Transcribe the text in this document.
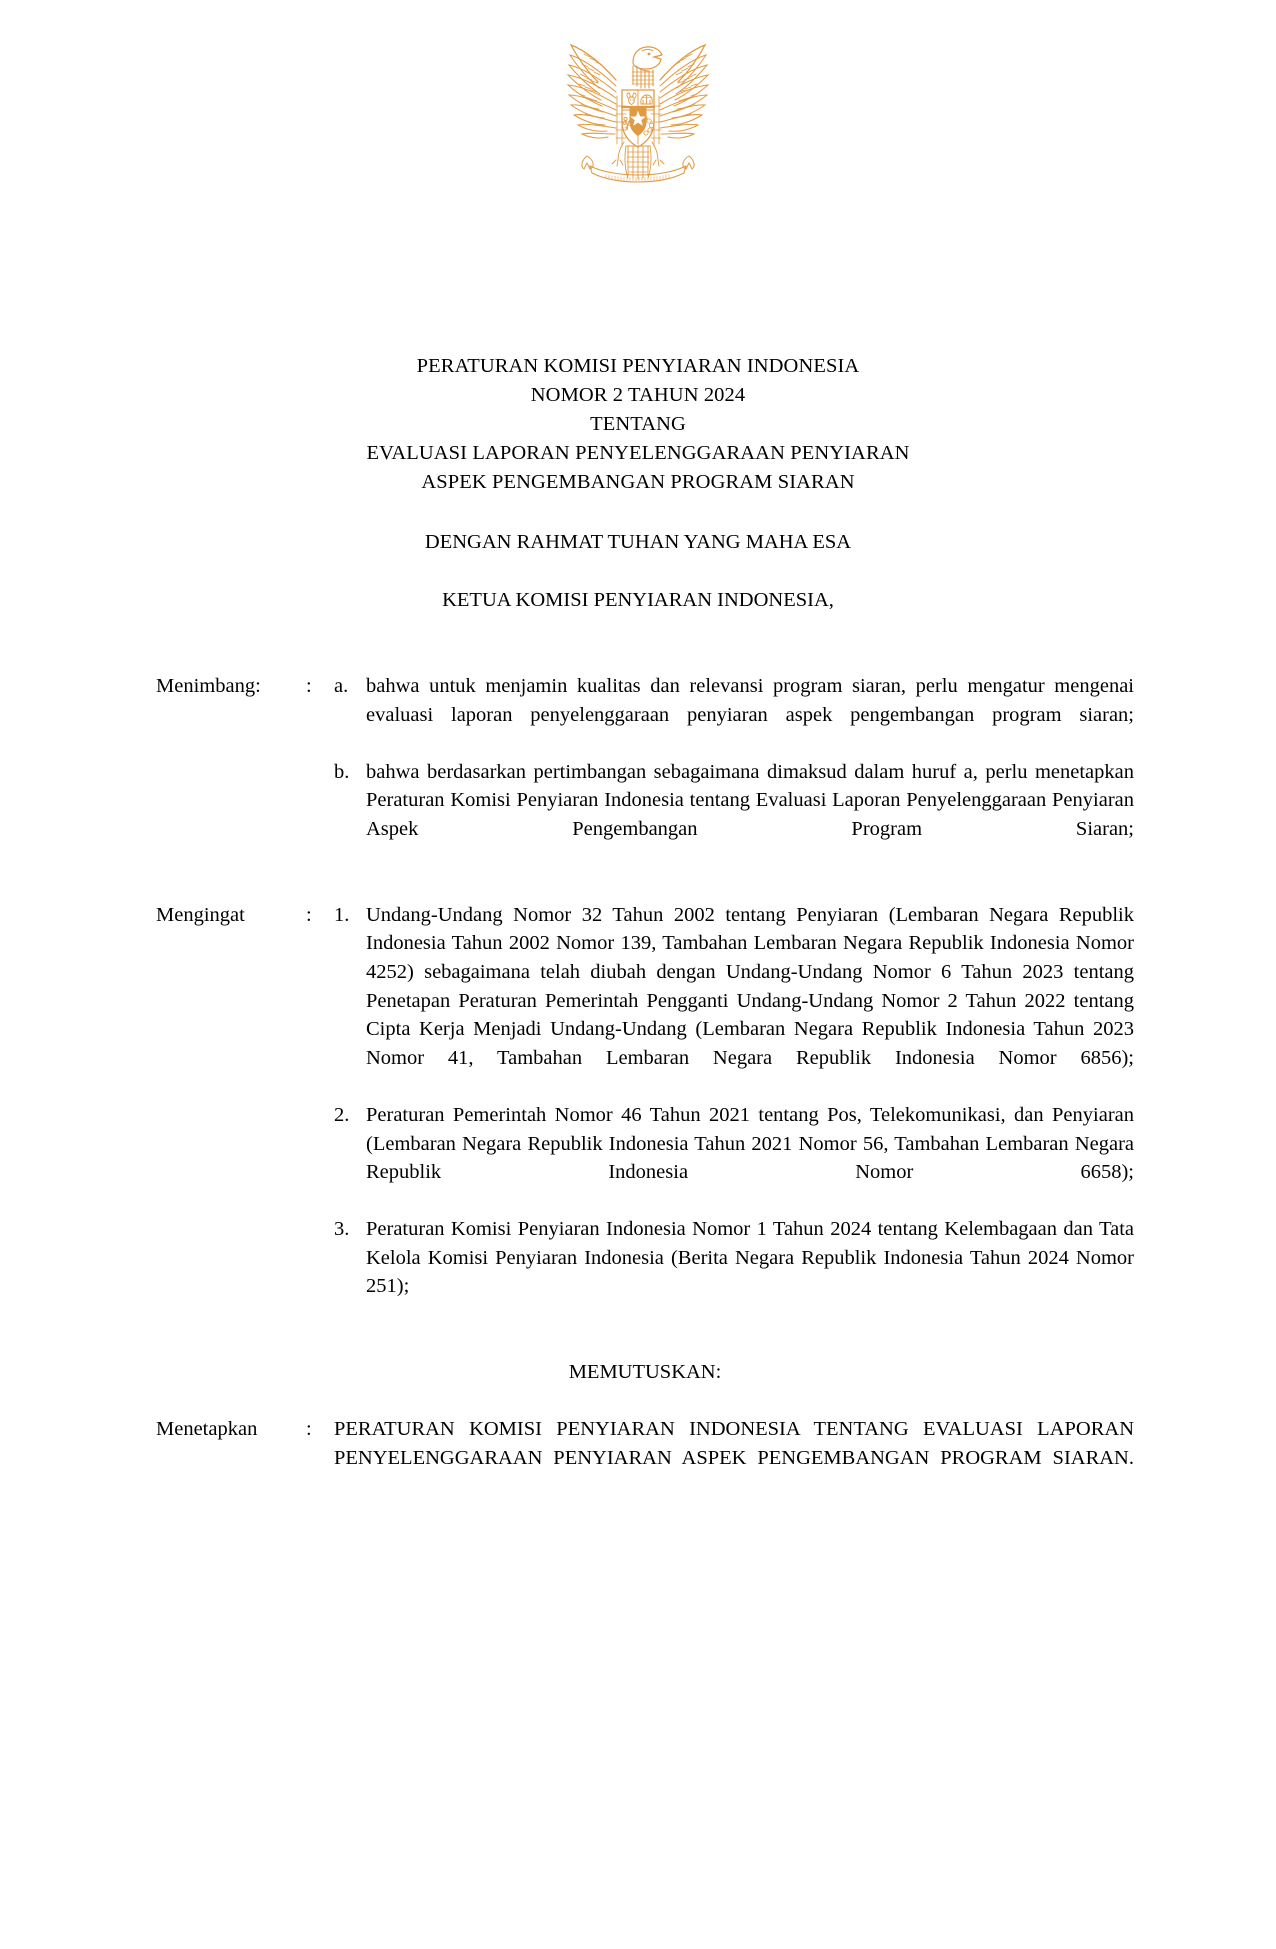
PERATURAN KOMISI PENYIARAN INDONESIA
NOMOR 2 TAHUN 2024
TENTANG
EVALUASI LAPORAN PENYELENGGARAAN PENYIARAN
ASPEK PENGEMBANGAN PROGRAM SIARAN
DENGAN RAHMAT TUHAN YANG MAHA ESA
KETUA KOMISI PENYIARAN INDONESIA,
Menimbang:	:	a. bahwa untuk menjamin kualitas dan relevansi program siaran, perlu mengatur mengenai evaluasi laporan penyelenggaraan penyiaran aspek pengembangan program siaran;
b. bahwa berdasarkan pertimbangan sebagaimana dimaksud dalam huruf a, perlu menetapkan Peraturan Komisi Penyiaran Indonesia tentang Evaluasi Laporan Penyelenggaraan Penyiaran Aspek Pengembangan Program Siaran;
Mengingat	:	1. Undang-Undang Nomor 32 Tahun 2002 tentang Penyiaran (Lembaran Negara Republik Indonesia Tahun 2002 Nomor 139, Tambahan Lembaran Negara Republik Indonesia Nomor 4252) sebagaimana telah diubah dengan Undang-Undang Nomor 6 Tahun 2023 tentang Penetapan Peraturan Pemerintah Pengganti Undang-Undang Nomor 2 Tahun 2022 tentang Cipta Kerja Menjadi Undang-Undang (Lembaran Negara Republik Indonesia Tahun 2023 Nomor 41, Tambahan Lembaran Negara Republik Indonesia Nomor 6856);
2. Peraturan Pemerintah Nomor 46 Tahun 2021 tentang Pos, Telekomunikasi, dan Penyiaran (Lembaran Negara Republik Indonesia Tahun 2021 Nomor 56, Tambahan Lembaran Negara Republik Indonesia Nomor 6658);
3. Peraturan Komisi Penyiaran Indonesia Nomor 1 Tahun 2024 tentang Kelembagaan dan Tata Kelola Komisi Penyiaran Indonesia (Berita Negara Republik Indonesia Tahun 2024 Nomor 251);
MEMUTUSKAN:
Menetapkan	:	PERATURAN KOMISI PENYIARAN INDONESIA TENTANG EVALUASI LAPORAN PENYELENGGARAAN PENYIARAN ASPEK PENGEMBANGAN PROGRAM SIARAN.
